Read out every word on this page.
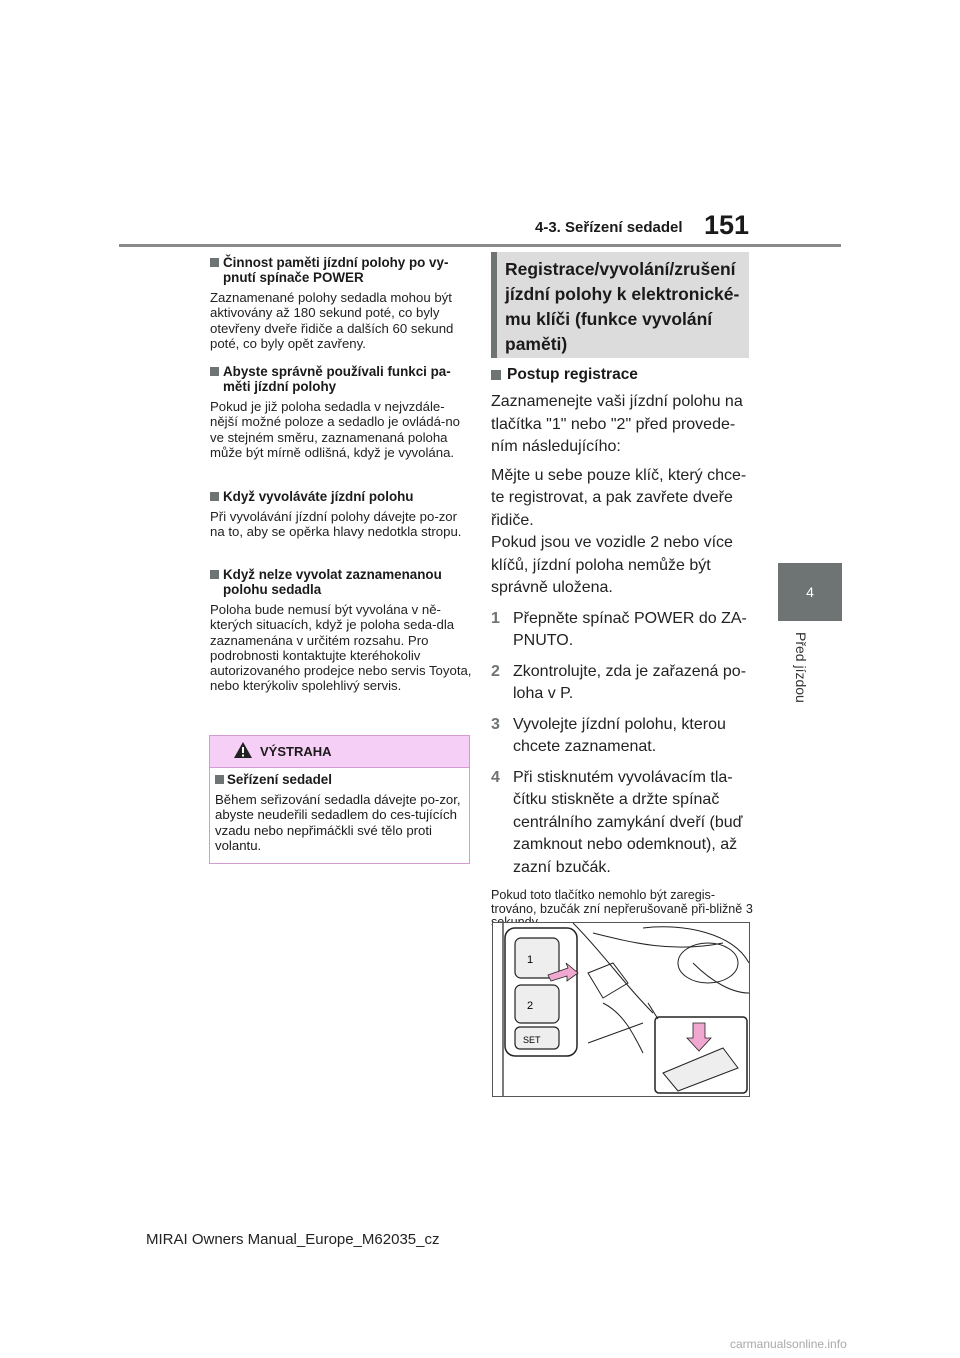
4-3. Seřízení sedadel 151
4
Před jízdou
Činnost paměti jízdní polohy po vy-pnutí spínače POWER
Zaznamenané polohy sedadla mohou být aktivovány až 180 sekund poté, co byly otevřeny dveře řidiče a dalších 60 sekund poté, co byly opět zavřeny.
Abyste správně používali funkci pa-měti jízdní polohy
Pokud je již poloha sedadla v nejvzdále-nější možné poloze a sedadlo je ovládá-no ve stejném směru, zaznamenaná poloha může být mírně odlišná, když je vyvolána.
Když vyvoláváte jízdní polohu
Při vyvolávání jízdní polohy dávejte po-zor na to, aby se opěrka hlavy nedotkla stropu.
Když nelze vyvolat zaznamenanou polohu sedadla
Poloha bude nemusí být vyvolána v ně-kterých situacích, když je poloha seda-dla zaznamenána v určitém rozsahu. Pro podrobnosti kontaktujte kteréhokoliv autorizovaného prodejce nebo servis Toyota, nebo kterýkoliv spolehlivý servis.
VÝSTRAHA
Seřízení sedadel
Během seřizování sedadla dávejte po-zor, abyste neudeřili sedadlem do ces-tujících vzadu nebo nepřimáčkli své tělo proti volantu.
Registrace/vyvolání/zrušení jízdní polohy k elektronické-mu klíči (funkce vyvolání paměti)
Postup registrace
Zaznamenejte vaši jízdní polohu na tlačítka "1" nebo "2" před provede-ním následujícího:
Mějte u sebe pouze klíč, který chce-te registrovat, a pak zavřete dveře řidiče.
Pokud jsou ve vozidle 2 nebo více klíčů, jízdní poloha nemůže být správně uložena.
1 Přepněte spínač POWER do ZA-PNUTO.
2 Zkontrolujte, zda je zařazená po-loha v P.
3 Vyvolejte jízdní polohu, kterou chcete zaznamenat.
4 Při stisknutém vyvolávacím tla-čítku stiskněte a držte spínač centrálního zamykání dveří (buď zamknout nebo odemknout), až zazní bzučák.
Pokud toto tlačítko nemohlo být zaregis-trováno, bzučák zní nepřerušovaně při-bližně 3
1
2
SET
MIRAI Owners Manual_Europe_M62035_cz
carmanualsonline.info
